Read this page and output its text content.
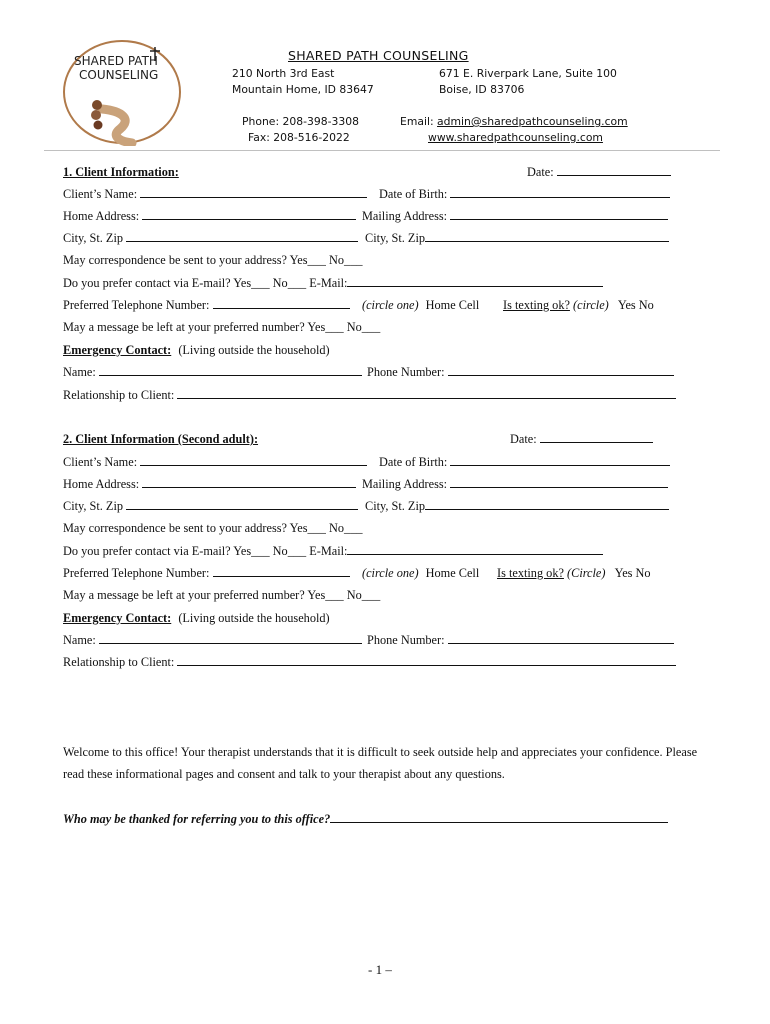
SHARED PATH
COUNSELING
SHARED PATH COUNSELING
210 North 3rd East
Mountain Home, ID 83647
671 E. Riverpark Lane, Suite 100
Boise, ID 83706
Phone: 208-398-3308
Fax: 208-516-2022
Email: admin@sharedpathcounseling.com
www.sharedpathcounseling.com
1. Client Information:	Date:
Client’s Name:	Date of Birth:
Home Address:	Mailing Address:
City, St. Zip	City, St. Zip
May correspondence be sent to your address? Yes___ No___
Do you prefer contact via E-mail? Yes___ No___ E-Mail:
Preferred Telephone Number:	(circle one) Home Cell Is texting ok? (circle) Yes No
May a message be left at your preferred number? Yes___ No___
Emergency Contact: (Living outside the household)
Name:	Phone Number:
Relationship to Client:
2. Client Information (Second adult):	Date:
Client’s Name:	Date of Birth:
Home Address:	Mailing Address:
City, St. Zip	City, St. Zip
May correspondence be sent to your address? Yes___ No___
Do you prefer contact via E-mail? Yes___ No___ E-Mail:
Preferred Telephone Number:	(circle one) Home Cell Is texting ok? (Circle) Yes No
May a message be left at your preferred number? Yes___ No___
Emergency Contact: (Living outside the household)
Name:	Phone Number:
Relationship to Client:
Welcome to this office! Your therapist understands that it is difficult to seek outside help and appreciates your confidence. Please
read these informational pages and consent and talk to your therapist about any questions.
Who may be thanked for referring you to this office?
- 1 –
